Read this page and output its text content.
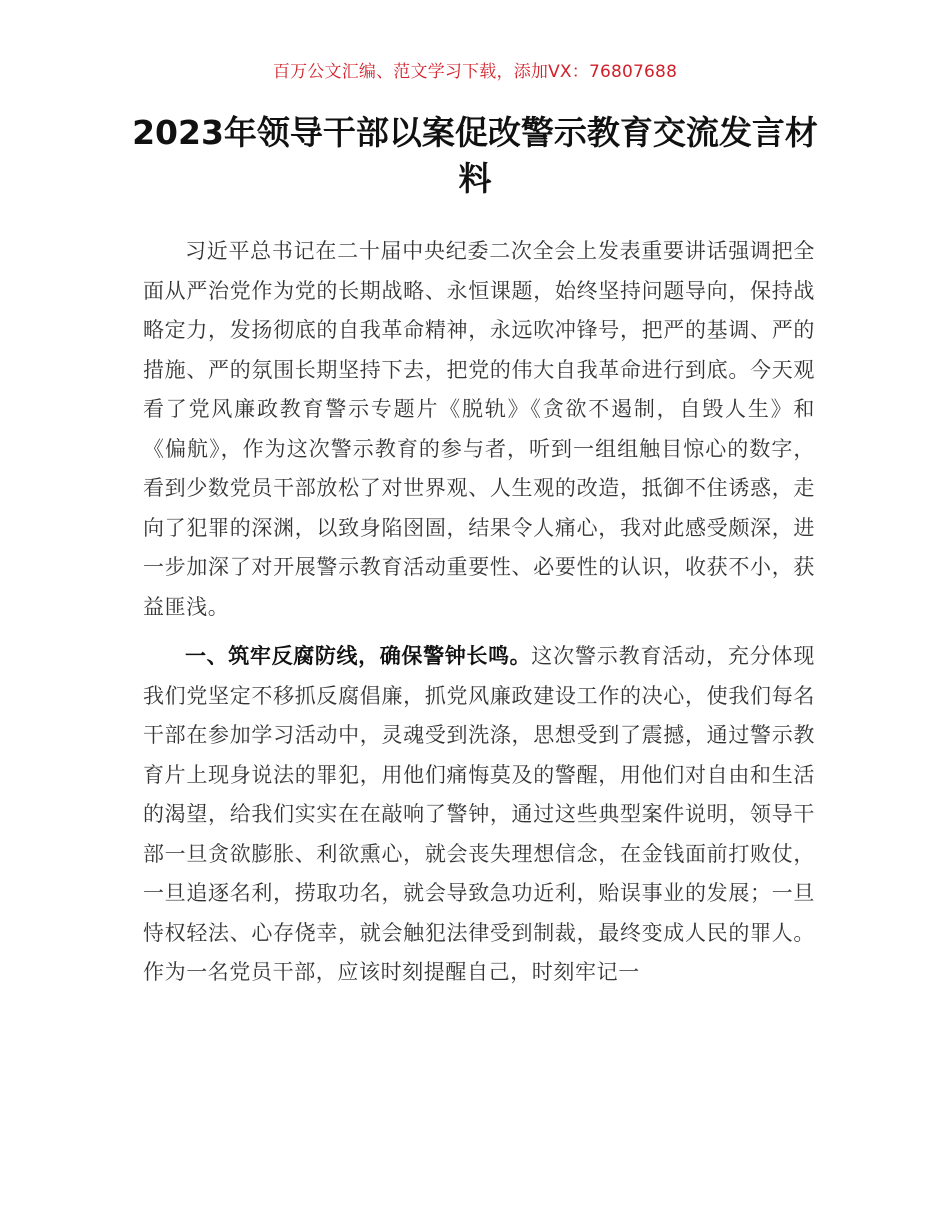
百万公文汇编、范文学习下载，添加VX：76807688
2023年领导干部以案促改警示教育交流发言材料

习近平总书记在二十届中央纪委二次全会上发表重要讲话强调把全面从严治党作为党的长期战略、永恒课题，始终坚持问题导向，保持战略定力，发扬彻底的自我革命精神，永远吹冲锋号，把严的基调、严的措施、严的氛围长期坚持下去，把党的伟大自我革命进行到底。今天观看了党风廉政教育警示专题片《脱轨》《贪欲不遏制，自毁人生》和《偏航》，作为这次警示教育的参与者，听到一组组触目惊心的数字，看到少数党员干部放松了对世界观、人生观的改造，抵御不住诱惑，走向了犯罪的深渊，以致身陷囹圄，结果令人痛心，我对此感受颇深，进一步加深了对开展警示教育活动重要性、必要性的认识，收获不小，获益匪浅。

一、筑牢反腐防线，确保警钟长鸣。这次警示教育活动，充分体现我们党坚定不移抓反腐倡廉，抓党风廉政建设工作的决心，使我们每名干部在参加学习活动中，灵魂受到洗涤，思想受到了震撼，通过警示教育片上现身说法的罪犯，用他们痛悔莫及的警醒，用他们对自由和生活的渴望，给我们实实在在敲响了警钟，通过这些典型案件说明，领导干部一旦贪欲膨胀、利欲熏心，就会丧失理想信念，在金钱面前打败仗，一旦追逐名利，捞取功名，就会导致急功近利，贻误事业的发展；一旦恃权轻法、心存侥幸，就会触犯法律受到制裁，最终变成人民的罪人。作为一名党员干部，应该时刻提醒自己，时刻牢记一
